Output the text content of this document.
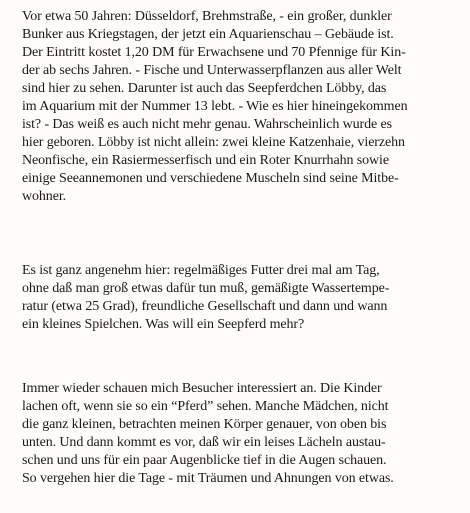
Vor etwa 50 Jahren: Düsseldorf, Brehmstraße, - ein großer, dunkler
Bunker aus Kriegstagen, der jetzt ein Aquarienschau – Gebäude ist.
Der Eintritt kostet 1,20 DM für Erwachsene und 70 Pfennige für Kin-
der ab sechs Jahren. - Fische und Unterwasserpflanzen aus aller Welt
sind hier zu sehen. Darunter ist auch das Seepferdchen Löbby, das
im Aquarium mit der Nummer 13 lebt. - Wie es hier hineingekommen
ist? - Das weiß es auch nicht mehr genau. Wahrscheinlich wurde es
hier geboren. Löbby ist nicht allein: zwei kleine Katzenhaie, vierzehn
Neonfische, ein Rasiermesserfisch und ein Roter Knurrhahn sowie
einige Seeannemonen und verschiedene Muscheln sind seine Mitbe-
wohner.
Es ist ganz angenehm hier: regelmäßiges Futter drei mal am Tag,
ohne daß man groß etwas dafür tun muß, gemäßigte Wassertempe-
ratur (etwa 25 Grad), freundliche Gesellschaft und dann und wann
ein kleines Spielchen. Was will ein Seepferd mehr?
Immer wieder schauen mich Besucher interessiert an. Die Kinder
lachen oft, wenn sie so ein “Pferd” sehen. Manche Mädchen, nicht
die ganz kleinen, betrachten meinen Körper genauer, von oben bis
unten. Und dann kommt es vor, daß wir ein leises Lächeln austau-
schen und uns für ein paar Augenblicke tief in die Augen schauen.
So vergehen hier die Tage - mit Träumen und Ahnungen von etwas.
